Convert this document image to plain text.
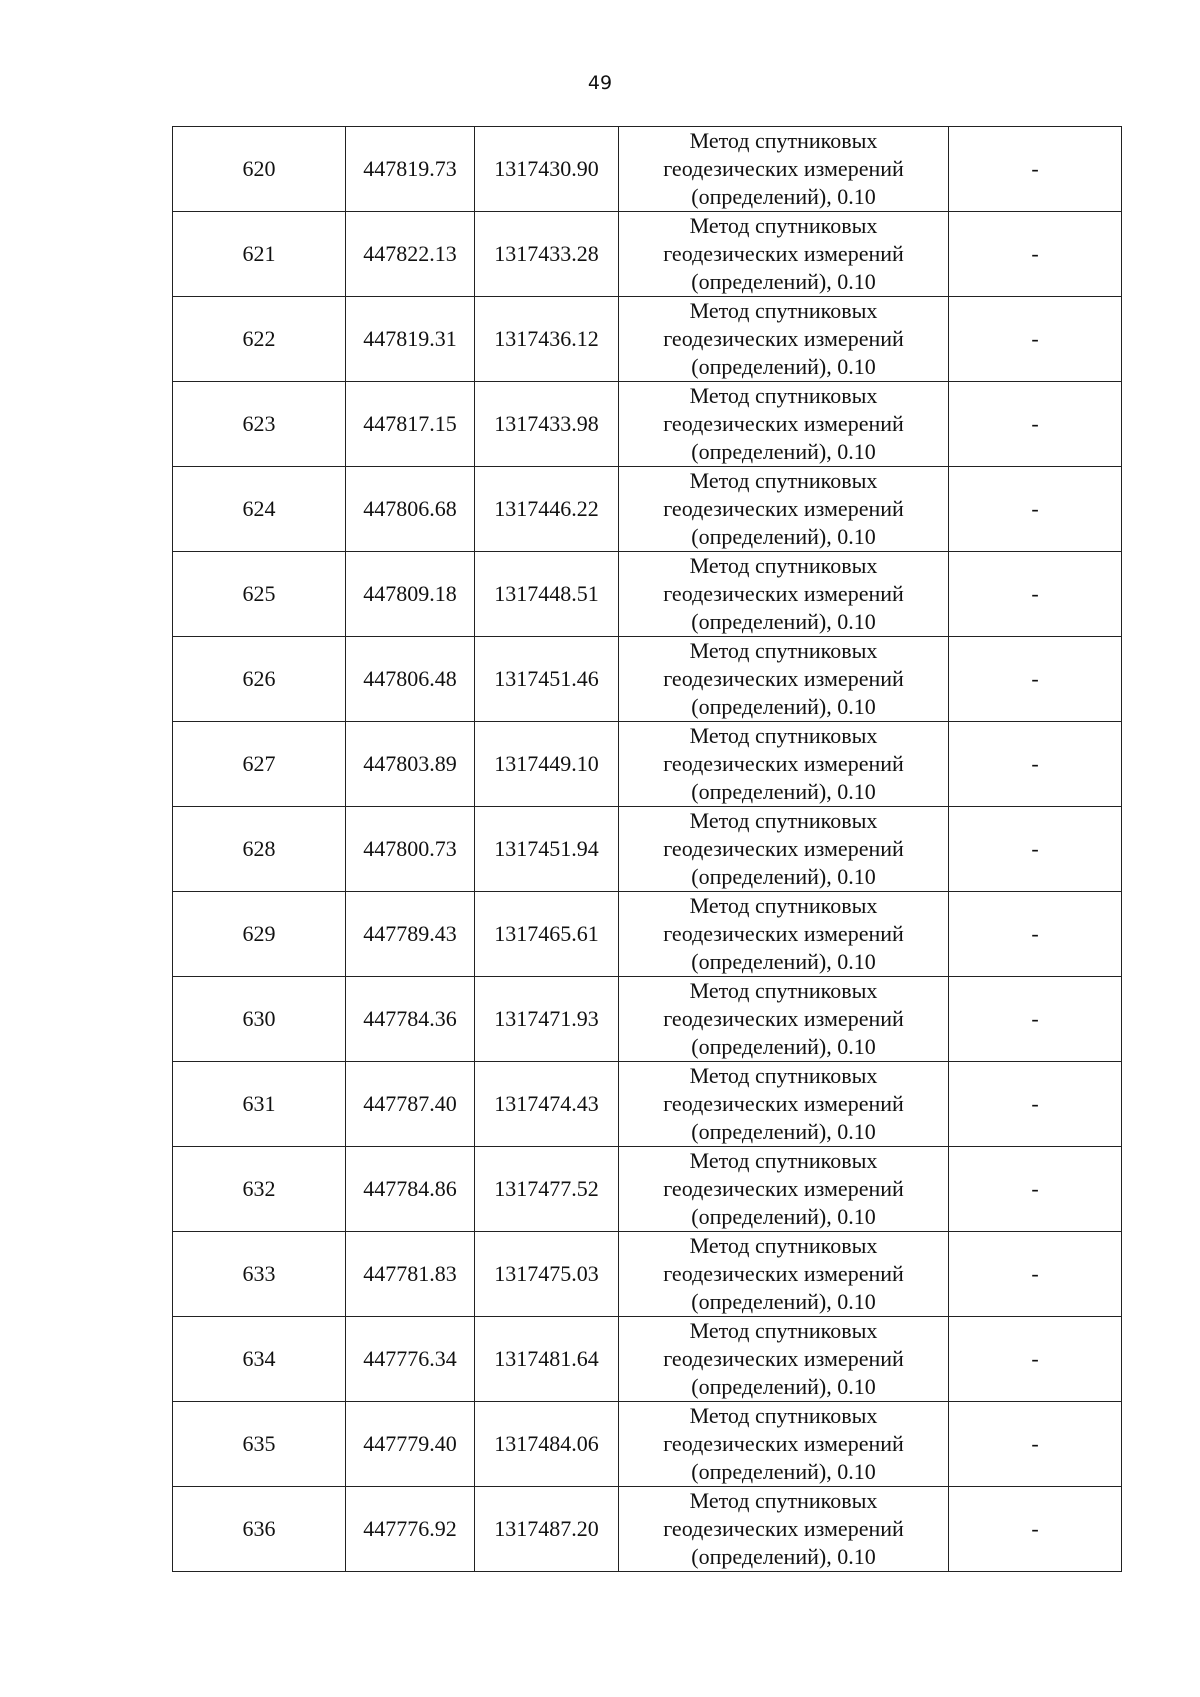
49
620	447819.73	1317430.90	Метод спутниковых
геодезических измерений
(определений), 0.10	-
621	447822.13	1317433.28	Метод спутниковых
геодезических измерений
(определений), 0.10	-
622	447819.31	1317436.12	Метод спутниковых
геодезических измерений
(определений), 0.10	-
623	447817.15	1317433.98	Метод спутниковых
геодезических измерений
(определений), 0.10	-
624	447806.68	1317446.22	Метод спутниковых
геодезических измерений
(определений), 0.10	-
625	447809.18	1317448.51	Метод спутниковых
геодезических измерений
(определений), 0.10	-
626	447806.48	1317451.46	Метод спутниковых
геодезических измерений
(определений), 0.10	-
627	447803.89	1317449.10	Метод спутниковых
геодезических измерений
(определений), 0.10	-
628	447800.73	1317451.94	Метод спутниковых
геодезических измерений
(определений), 0.10	-
629	447789.43	1317465.61	Метод спутниковых
геодезических измерений
(определений), 0.10	-
630	447784.36	1317471.93	Метод спутниковых
геодезических измерений
(определений), 0.10	-
631	447787.40	1317474.43	Метод спутниковых
геодезических измерений
(определений), 0.10	-
632	447784.86	1317477.52	Метод спутниковых
геодезических измерений
(определений), 0.10	-
633	447781.83	1317475.03	Метод спутниковых
геодезических измерений
(определений), 0.10	-
634	447776.34	1317481.64	Метод спутниковых
геодезических измерений
(определений), 0.10	-
635	447779.40	1317484.06	Метод спутниковых
геодезических измерений
(определений), 0.10	-
636	447776.92	1317487.20	Метод спутниковых
геодезических измерений
(определений), 0.10	-
